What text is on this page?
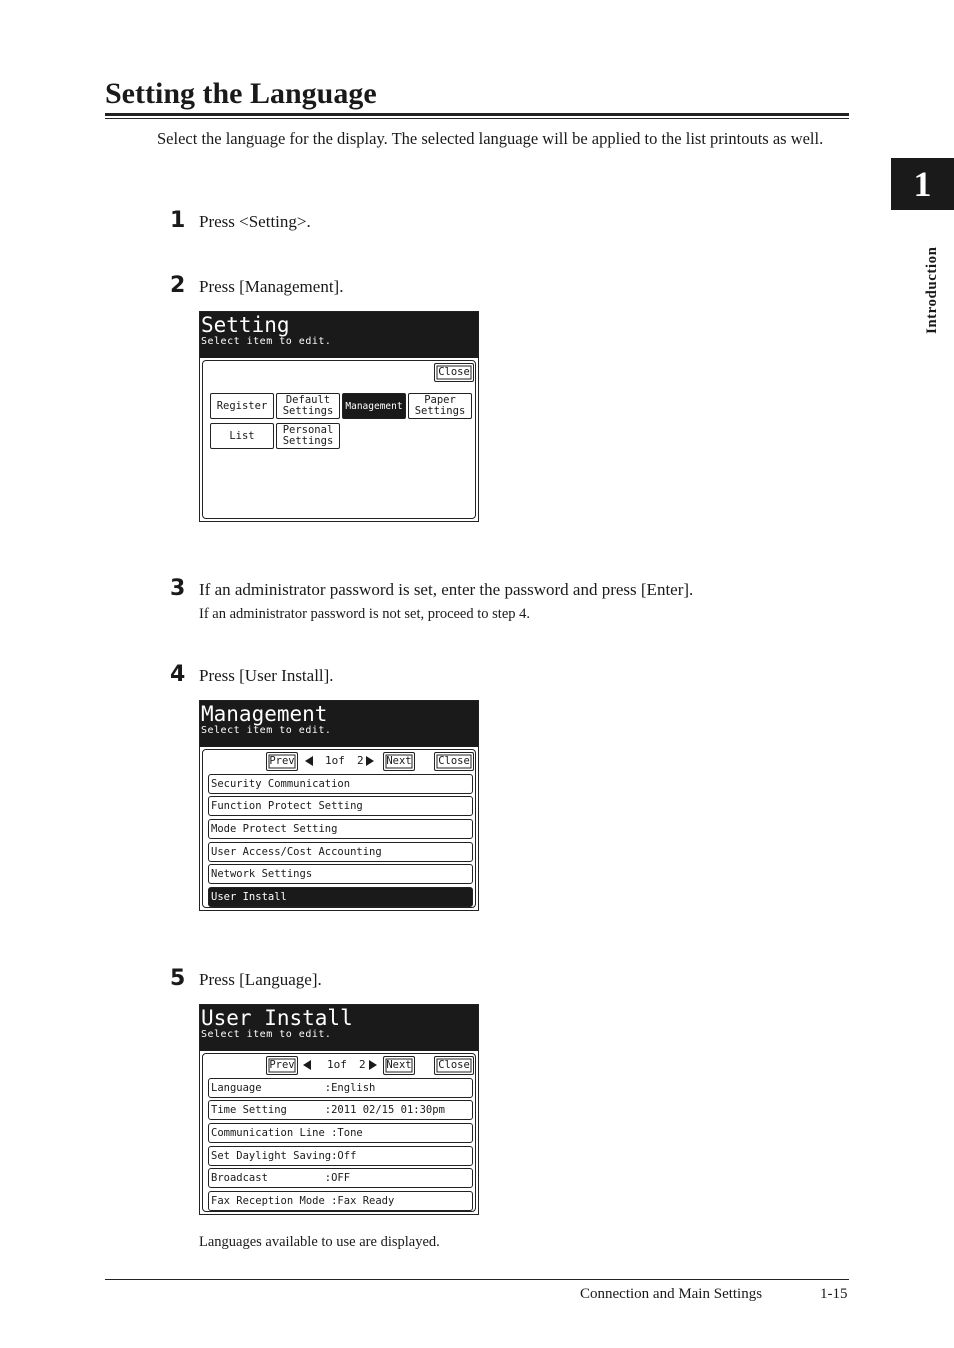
Setting the Language
Select the language for the display. The selected language will be applied to the list printouts as well.
1
Introduction
1 Press <Setting>.
2 Press [Management].
Setting
Select item to edit.
Close
Register	Default Settings	Management	Paper Settings
List	Personal Settings
3 If an administrator password is set, enter the password and press [Enter].
If an administrator password is not set, proceed to step 4.
4 Press [User Install].
Management
Select item to edit.
Prev	1of 2	Next	Close
Security Communication
Function Protect Setting
Mode Protect Setting
User Access/Cost Accounting
Network Settings
User Install
5 Press [Language].
User Install
Select item to edit.
Prev	1of 2	Next	Close
Language          :English
Time Setting      :2011 02/15 01:30pm
Communication Line :Tone
Set Daylight Saving:Off
Broadcast         :OFF
Fax Reception Mode :Fax Ready
Languages available to use are displayed.
Connection and Main Settings	1-15
